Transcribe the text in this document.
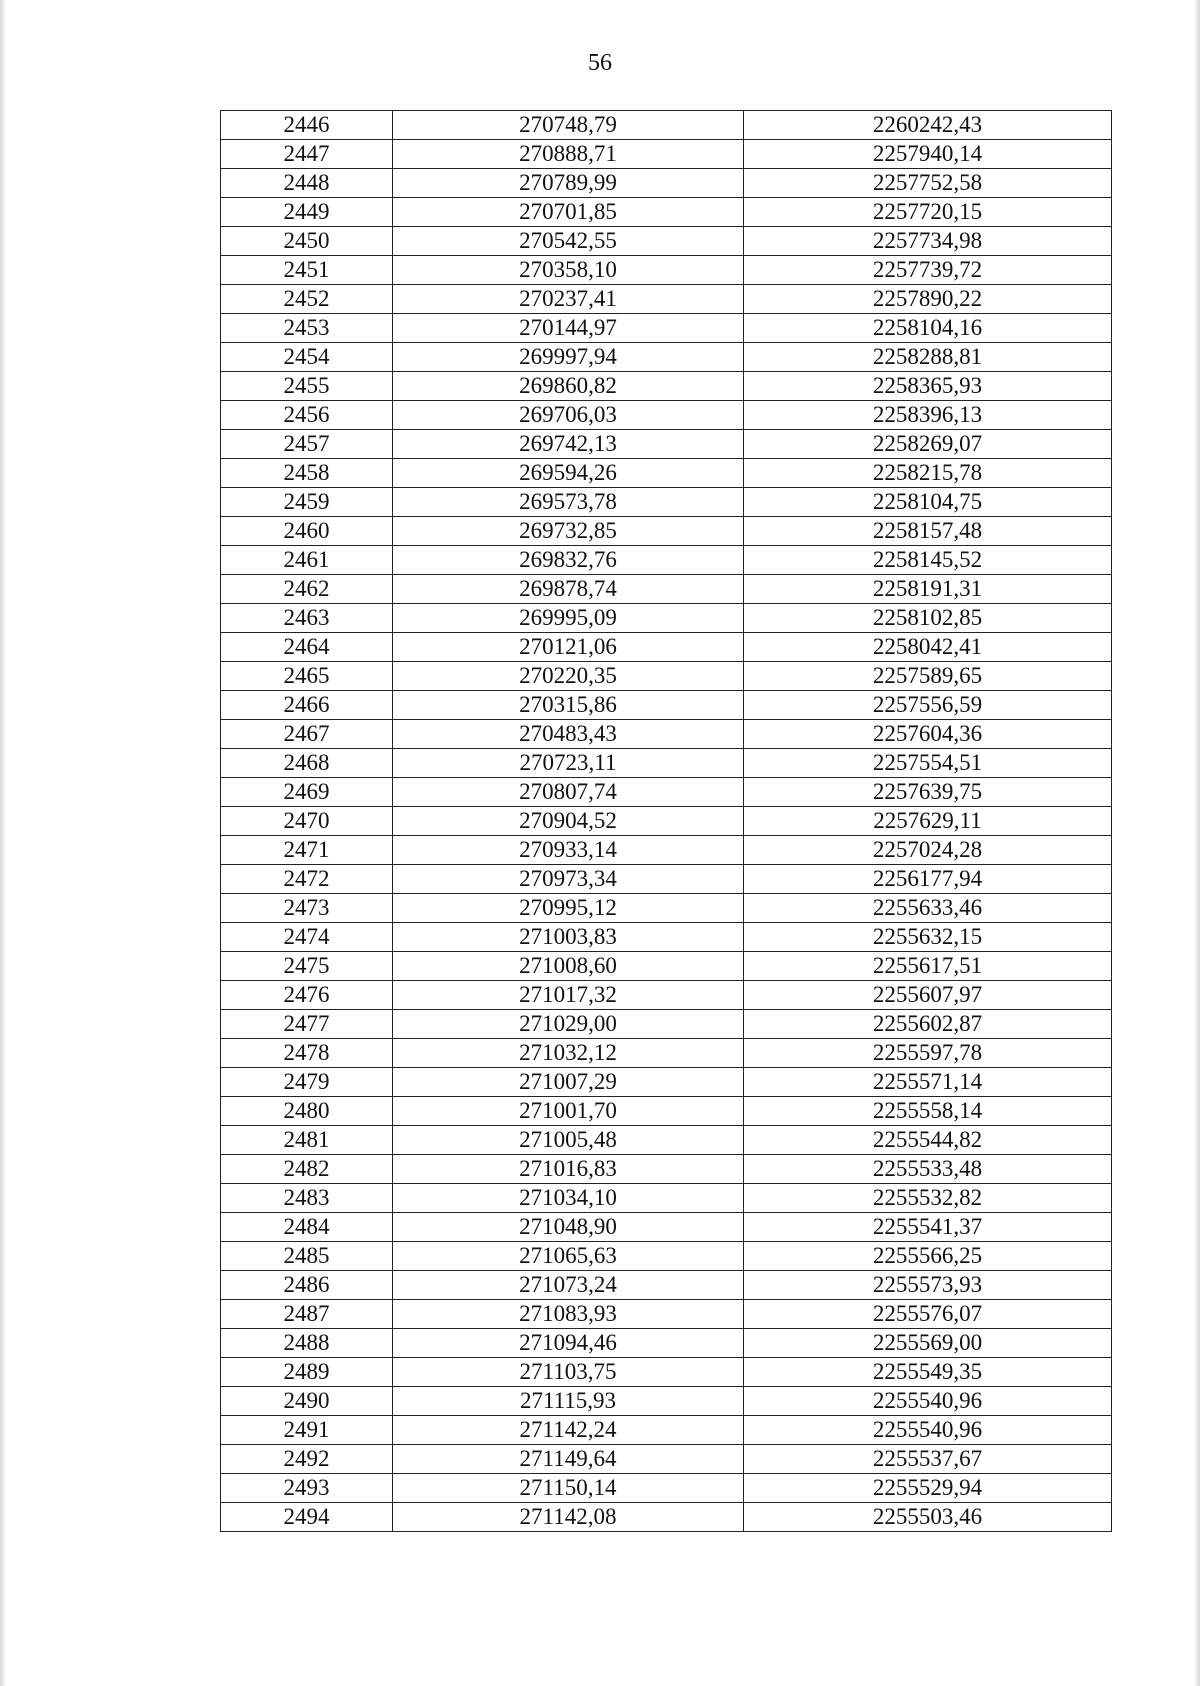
56
2446	270748,79	2260242,43
2447	270888,71	2257940,14
2448	270789,99	2257752,58
2449	270701,85	2257720,15
2450	270542,55	2257734,98
2451	270358,10	2257739,72
2452	270237,41	2257890,22
2453	270144,97	2258104,16
2454	269997,94	2258288,81
2455	269860,82	2258365,93
2456	269706,03	2258396,13
2457	269742,13	2258269,07
2458	269594,26	2258215,78
2459	269573,78	2258104,75
2460	269732,85	2258157,48
2461	269832,76	2258145,52
2462	269878,74	2258191,31
2463	269995,09	2258102,85
2464	270121,06	2258042,41
2465	270220,35	2257589,65
2466	270315,86	2257556,59
2467	270483,43	2257604,36
2468	270723,11	2257554,51
2469	270807,74	2257639,75
2470	270904,52	2257629,11
2471	270933,14	2257024,28
2472	270973,34	2256177,94
2473	270995,12	2255633,46
2474	271003,83	2255632,15
2475	271008,60	2255617,51
2476	271017,32	2255607,97
2477	271029,00	2255602,87
2478	271032,12	2255597,78
2479	271007,29	2255571,14
2480	271001,70	2255558,14
2481	271005,48	2255544,82
2482	271016,83	2255533,48
2483	271034,10	2255532,82
2484	271048,90	2255541,37
2485	271065,63	2255566,25
2486	271073,24	2255573,93
2487	271083,93	2255576,07
2488	271094,46	2255569,00
2489	271103,75	2255549,35
2490	271115,93	2255540,96
2491	271142,24	2255540,96
2492	271149,64	2255537,67
2493	271150,14	2255529,94
2494	271142,08	2255503,46
